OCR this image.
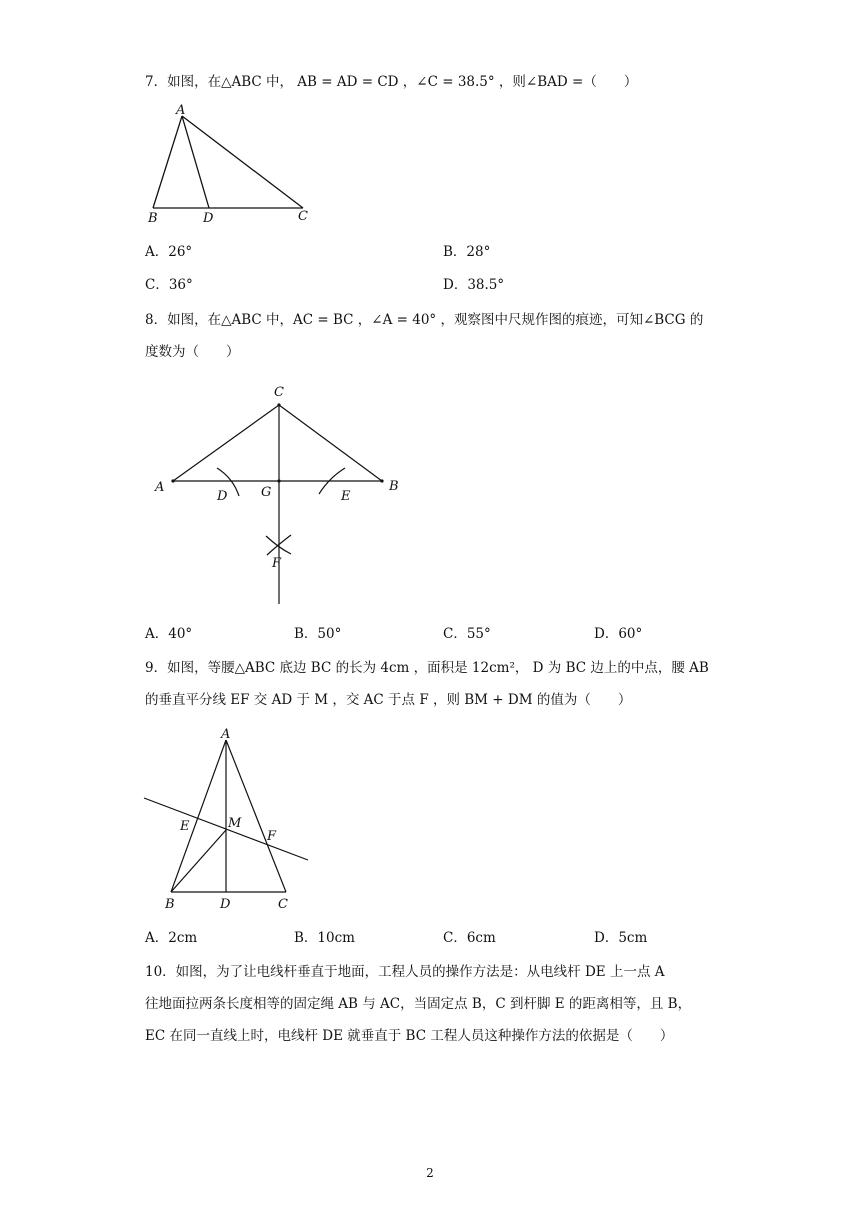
7．如图，在△ABC 中， AB = AD = CD ，∠C = 38.5° ，则∠BAD =（　　）
A
B	D	C
A．26°	B．28°
C．36°	D．38.5°
8．如图，在△ABC 中，AC = BC ，∠A = 40° ，观察图中尺规作图的痕迹，可知∠BCG 的
度数为（　　）
C
A	B
D	G	E
F
A．40°	B．50°	C．55°	D．60°
9．如图，等腰△ABC 底边 BC 的长为 4cm ，面积是 12cm²， D 为 BC 边上的中点，腰 AB
的垂直平分线 EF 交 AD 于 M ，交 AC 于点 F ，则 BM + DM 的值为（　　）
A
E	M
F
B	D	C
A．2cm	B．10cm	C．6cm	D．5cm
10．如图，为了让电线杆垂直于地面，工程人员的操作方法是：从电线杆 DE 上一点 A
往地面拉两条长度相等的固定绳 AB 与 AC，当固定点 B，C 到杆脚 E 的距离相等，且 B，
EC 在同一直线上时，电线杆 DE 就垂直于 BC 工程人员这种操作方法的依据是（　　）
2
